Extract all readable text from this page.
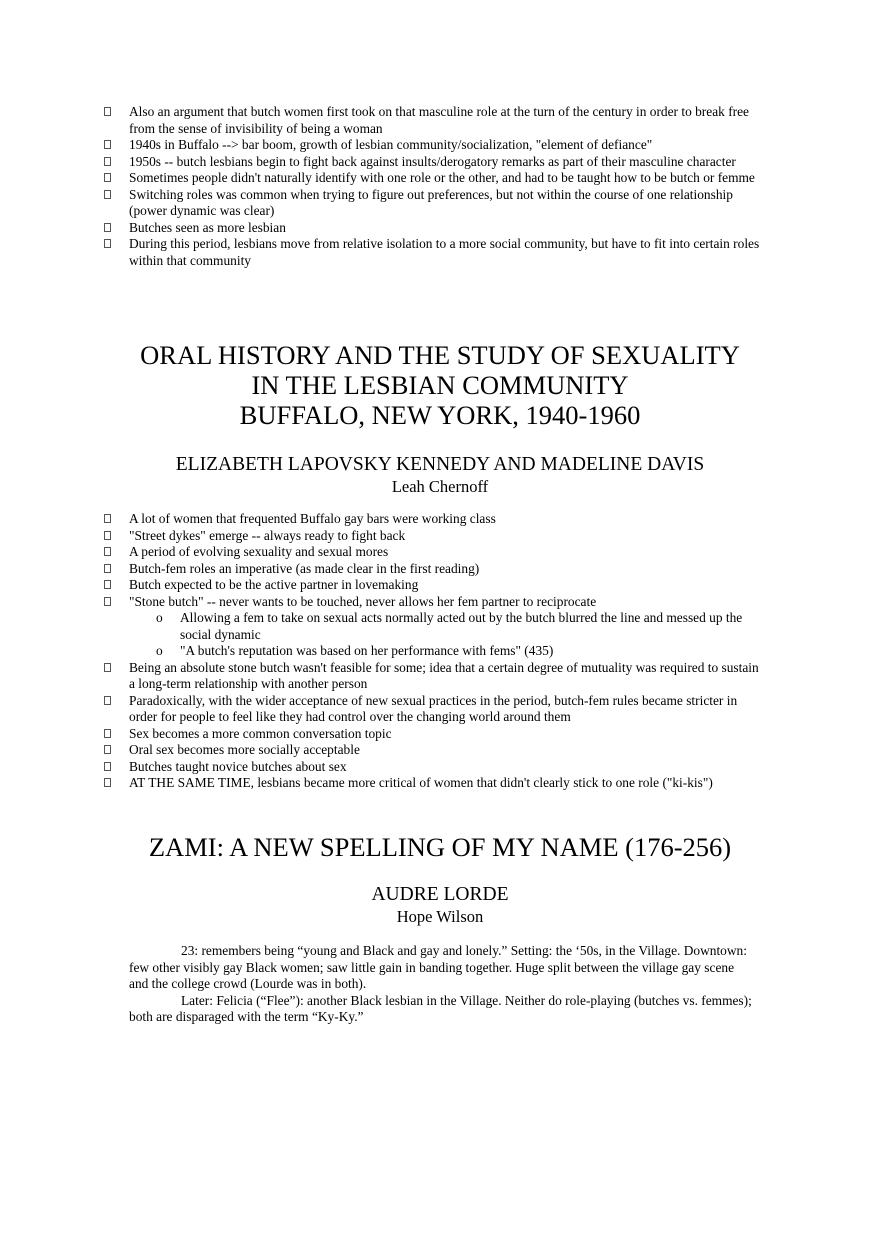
Also an argument that butch women first took on that masculine role at the turn of the century in order to break free from the sense of invisibility of being a woman
1940s in Buffalo --> bar boom, growth of lesbian community/socialization, "element of defiance"
1950s -- butch lesbians begin to fight back against insults/derogatory remarks as part of their masculine character
Sometimes people didn't naturally identify with one role or the other, and had to be taught how to be butch or femme
Switching roles was common when trying to figure out preferences, but not within the course of one relationship (power dynamic was clear)
Butches seen as more lesbian
During this period, lesbians move from relative isolation to a more social community, but have to fit into certain roles within that community
ORAL HISTORY AND THE STUDY OF SEXUALITY
IN THE LESBIAN COMMUNITY
BUFFALO, NEW YORK, 1940-1960
ELIZABETH LAPOVSKY KENNEDY AND MADELINE DAVIS
Leah Chernoff
A lot of women that frequented Buffalo gay bars were working class
"Street dykes" emerge -- always ready to fight back
A period of evolving sexuality and sexual mores
Butch-fem roles an imperative (as made clear in the first reading)
Butch expected to be the active partner in lovemaking
"Stone butch" -- never wants to be touched, never allows her fem partner to reciprocate
o Allowing a fem to take on sexual acts normally acted out by the butch blurred the line and messed up the social dynamic
o "A butch's reputation was based on her performance with fems" (435)
Being an absolute stone butch wasn't feasible for some; idea that a certain degree of mutuality was required to sustain a long-term relationship with another person
Paradoxically, with the wider acceptance of new sexual practices in the period, butch-fem rules became stricter in order for people to feel like they had control over the changing world around them
Sex becomes a more common conversation topic
Oral sex becomes more socially acceptable
Butches taught novice butches about sex
AT THE SAME TIME, lesbians became more critical of women that didn't clearly stick to one role ("ki-kis")
ZAMI: A NEW SPELLING OF MY NAME (176-256)
AUDRE LORDE
Hope Wilson

23: remembers being “young and Black and gay and lonely.” Setting: the ‘50s, in the Village. Downtown: few other visibly gay Black women; saw little gain in banding together. Huge split between the village gay scene and the college crowd (Lourde was in both).

Later: Felicia (“Flee”): another Black lesbian in the Village. Neither do role-playing (butches vs. femmes); both are disparaged with the term “Ky-Ky.”
